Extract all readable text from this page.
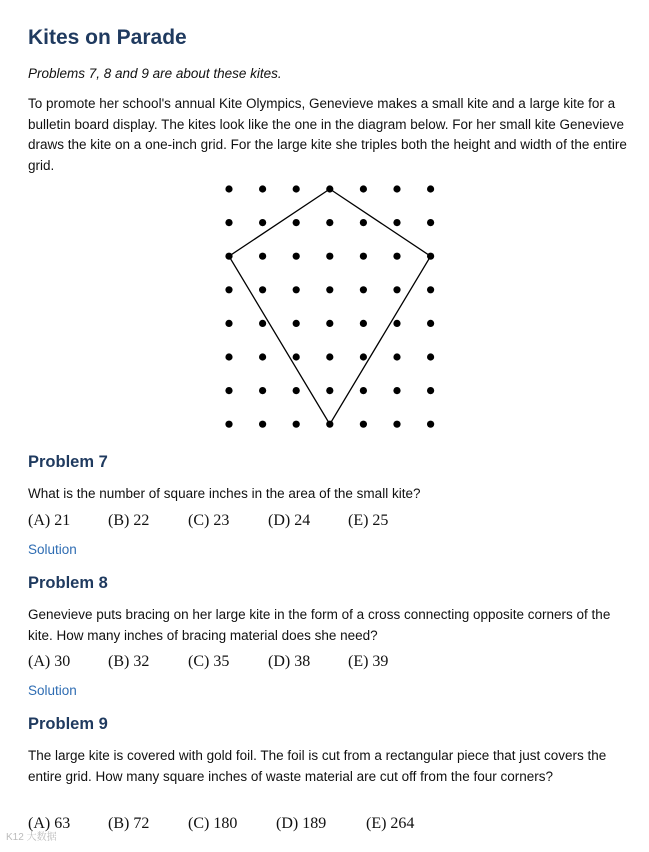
Kites on Parade

Problems 7, 8 and 9 are about these kites.

To promote her school's annual Kite Olympics, Genevieve makes a small kite and a large kite for a bulletin board display. The kites look like the one in the diagram below. For her small kite Genevieve draws the kite on a one-inch grid. For the large kite she triples both the height and width of the entire grid.

Problem 7

What is the number of square inches in the area of the small kite?

(A) 21 (B) 22 (C) 23 (D) 24 (E) 25
Solution
Problem 8

Genevieve puts bracing on her large kite in the form of a cross connecting opposite corners of the kite. How many inches of bracing material does she need?

(A) 30 (B) 32 (C) 35 (D) 38 (E) 39
Solution
Problem 9

The large kite is covered with gold foil. The foil is cut from a rectangular piece that just covers the entire grid. How many square inches of waste material are cut off from the four corners?

(A) 63 (B) 72 (C) 180 (D) 189 (E) 264
K12 大数据
